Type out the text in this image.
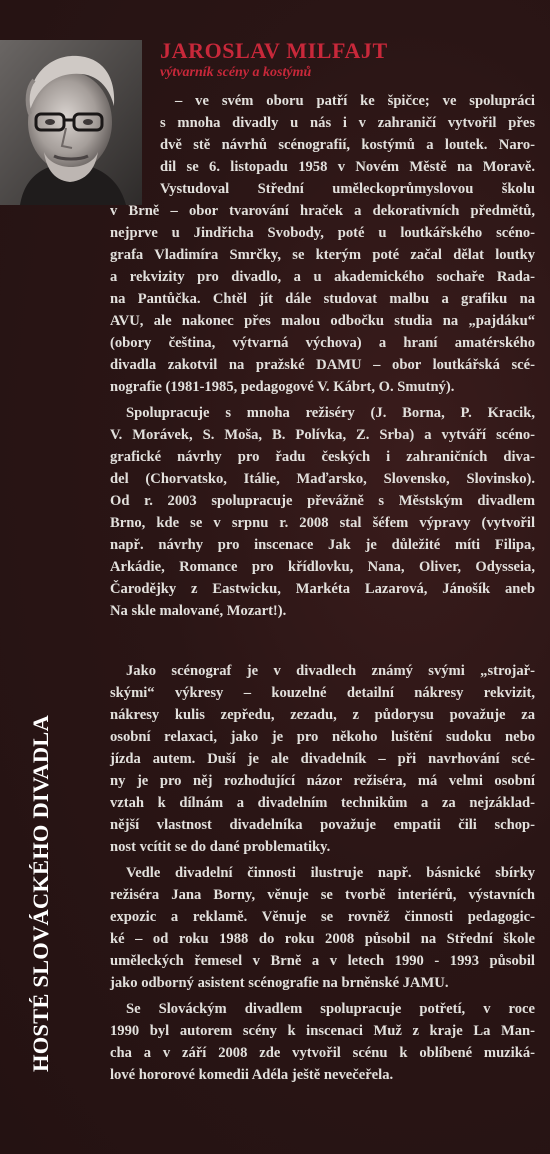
HOSTÉ SLOVÁCKÉHO DIVADLA
JAROSLAV MILFAJT
výtvarník scény a kostýmů
– ve svém oboru patří ke špičce; ve spolupráci
s mnoha divadly u nás i v zahraničí vytvořil přes
dvě stě návrhů scénografií, kostýmů a loutek. Naro-
dil se 6. listopadu 1958 v Novém Městě na Moravě.
Vystudoval Střední uměleckoprůmyslovou školu
v Brně – obor tvarování hraček a dekorativních předmětů,
nejprve u Jindřicha Svobody, poté u loutkářského scéno-
grafa Vladimíra Smrčky, se kterým poté začal dělat loutky
a rekvizity pro divadlo, a u akademického sochaře Rada-
na Pantůčka. Chtěl jít dále studovat malbu a grafiku na
AVU, ale nakonec přes malou odbočku studia na „pajdáku“
(obory čeština, výtvarná výchova) a hraní amatérského
divadla zakotvil na pražské DAMU – obor loutkářská scé-
nografie (1981-1985, pedagogové V. Kábrt, O. Smutný).
Spolupracuje s mnoha režiséry (J. Borna, P. Kracik,
V. Morávek, S. Moša, B. Polívka, Z. Srba) a vytváří scéno-
grafické návrhy pro řadu českých i zahraničních diva-
del (Chorvatsko, Itálie, Maďarsko, Slovensko, Slovinsko).
Od r. 2003 spolupracuje převážně s Městským divadlem
Brno, kde se v srpnu r. 2008 stal šéfem výpravy (vytvořil
např. návrhy pro inscenace Jak je důležité míti Filipa,
Arkádie, Romance pro křídlovku, Nana, Oliver, Odysseia,
Čarodějky z Eastwicku, Markéta Lazarová, Jánošík aneb
Na skle malované, Mozart!).
Jako scénograf je v divadlech známý svými „strojař-
skými“ výkresy – kouzelné detailní nákresy rekvizit,
nákresy kulis zepředu, zezadu, z půdorysu považuje za
osobní relaxaci, jako je pro někoho luštění sudoku nebo
jízda autem. Duší je ale divadelník – při navrhování scé-
ny je pro něj rozhodující názor režiséra, má velmi osobní
vztah k dílnám a divadelním technikům a za nejzáklad-
nější vlastnost divadelníka považuje empatii čili schop-
nost vcítit se do dané problematiky.
Vedle divadelní činnosti ilustruje např. básnické sbírky
režiséra Jana Borny, věnuje se tvorbě interiérů, výstavních
expozic a reklamě. Věnuje se rovněž činnosti pedagogic-
ké – od roku 1988 do roku 2008 působil na Střední škole
uměleckých řemesel v Brně a v letech 1990 - 1993 působil
jako odborný asistent scénografie na brněnské JAMU.
Se Slováckým divadlem spolupracuje potřetí, v roce
1990 byl autorem scény k inscenaci Muž z kraje La Man-
cha a v září 2008 zde vytvořil scénu k oblíbené muziká-
lové hororové komedii Adéla ještě nevečeřela.
